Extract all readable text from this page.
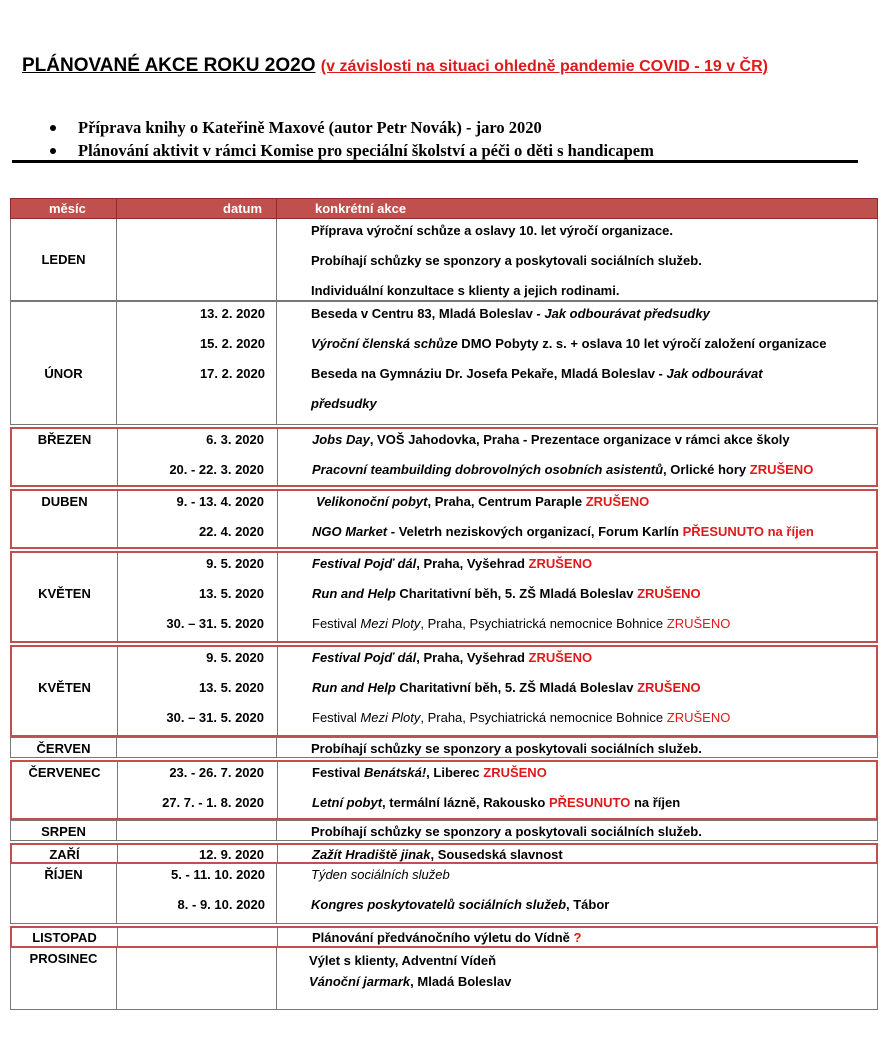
PLÁNOVANÉ AKCE ROKU 2O2O (v závislosti na situaci ohledně pandemie COVID - 19 v ČR)
Příprava knihy o Kateřině Maxové (autor Petr Novák) - jaro 2020
Plánování aktivit v rámci Komise pro speciální školství a péči o děti s handicapem
měsíc	datum	konkrétní akce
LEDEN
Příprava výroční schůze a oslavy 10. let výročí organizace.
Probíhají schůzky se sponzory a poskytovali sociálních služeb.
Individuální konzultace s klienty a jejich rodinami.
ÚNOR
13. 2. 2020	Beseda v Centru 83, Mladá Boleslav - Jak odbourávat předsudky
15. 2. 2020	Výroční členská schůze DMO Pobyty z. s. + oslava 10 let výročí založení organizace
17. 2. 2020	Beseda na Gymnáziu Dr. Josefa Pekaře, Mladá Boleslav - Jak odbourávat
předsudky
BŘEZEN	6. 3. 2020	Jobs Day, VOŠ Jahodovka, Praha - Prezentace organizace v rámci akce školy
20. - 22. 3. 2020	Pracovní teambuilding dobrovolných osobních asistentů, Orlické hory ZRUŠENO
DUBEN	9. - 13. 4. 2020	Velikonoční pobyt, Praha, Centrum Paraple ZRUŠENO
22. 4. 2020	NGO Market - Veletrh neziskových organizací, Forum Karlín PŘESUNUTO na říjen
KVĚTEN
9. 5. 2020	Festival Pojď dál, Praha, Vyšehrad ZRUŠENO
13. 5. 2020	Run and Help Charitativní běh, 5. ZŠ Mladá Boleslav ZRUŠENO
30. – 31. 5. 2020	Festival Mezi Ploty, Praha, Psychiatrická nemocnice Bohnice ZRUŠENO
KVĚTEN
9. 5. 2020	Festival Pojď dál, Praha, Vyšehrad ZRUŠENO
13. 5. 2020	Run and Help Charitativní běh, 5. ZŠ Mladá Boleslav ZRUŠENO
30. – 31. 5. 2020	Festival Mezi Ploty, Praha, Psychiatrická nemocnice Bohnice ZRUŠENO
ČERVEN	Probíhají schůzky se sponzory a poskytovali sociálních služeb.
ČERVENEC	23. - 26. 7. 2020	Festival Benátská!, Liberec ZRUŠENO
27. 7. - 1. 8. 2020	Letní pobyt, termální lázně, Rakousko PŘESUNUTO na říjen
SRPEN	Probíhají schůzky se sponzory a poskytovali sociálních služeb.
ZAŘÍ	12. 9. 2020	Zažít Hradiště jinak, Sousedská slavnost
ŘÍJEN	5. - 11. 10. 2020	Týden sociálních služeb
8. - 9. 10. 2020	Kongres poskytovatelů sociálních služeb, Tábor
LISTOPAD	Plánování předvánočního výletu do Vídně ?
PROSINEC	Výlet s klienty, Adventní Vídeň
Vánoční jarmark, Mladá Boleslav
